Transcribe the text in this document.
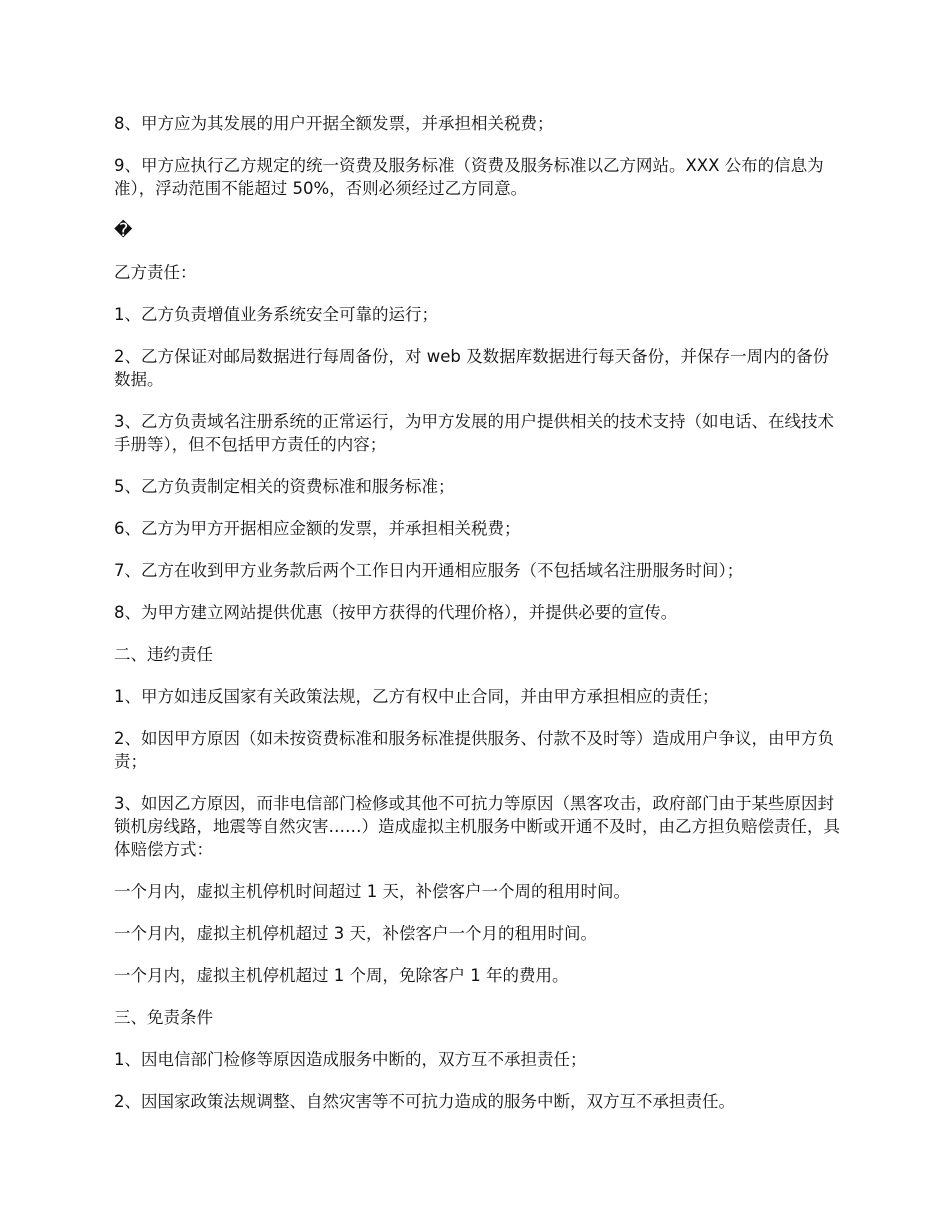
8、甲方应为其发展的用户开据全额发票，并承担相关税费；

9、甲方应执行乙方规定的统一资费及服务标准（资费及服务标准以乙方网站。XXX 公布的信息为准），浮动范围不能超过 50%，否则必须经过乙方同意。

�

乙方责任：

1、乙方负责增值业务系统安全可靠的运行；

2、乙方保证对邮局数据进行每周备份，对 web 及数据库数据进行每天备份，并保存一周内的备份数据。

3、乙方负责域名注册系统的正常运行，为甲方发展的用户提供相关的技术支持（如电话、在线技术手册等），但不包括甲方责任的内容；

5、乙方负责制定相关的资费标准和服务标准；

6、乙方为甲方开据相应金额的发票，并承担相关税费；

7、乙方在收到甲方业务款后两个工作日内开通相应服务（不包括域名注册服务时间）；

8、为甲方建立网站提供优惠（按甲方获得的代理价格），并提供必要的宣传。

二、违约责任

1、甲方如违反国家有关政策法规，乙方有权中止合同，并由甲方承担相应的责任；

2、如因甲方原因（如未按资费标准和服务标准提供服务、付款不及时等）造成用户争议，由甲方负责；

3、如因乙方原因，而非电信部门检修或其他不可抗力等原因（黑客攻击，政府部门由于某些原因封锁机房线路，地震等自然灾害……）造成虚拟主机服务中断或开通不及时，由乙方担负赔偿责任，具体赔偿方式：

一个月内，虚拟主机停机时间超过 1 天，补偿客户一个周的租用时间。

一个月内，虚拟主机停机超过 3 天，补偿客户一个月的租用时间。

一个月内，虚拟主机停机超过 1 个周，免除客户 1 年的费用。

三、免责条件

1、因电信部门检修等原因造成服务中断的，双方互不承担责任；

2、因国家政策法规调整、自然灾害等不可抗力造成的服务中断，双方互不承担责任。
